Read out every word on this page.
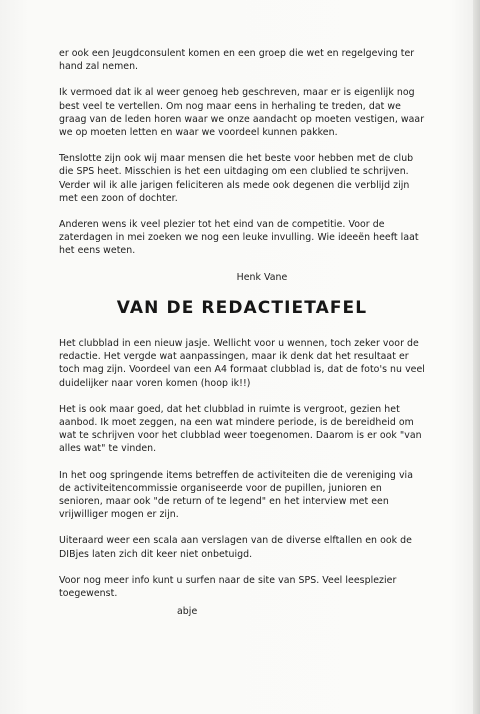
er ook een Jeugdconsulent komen en een groep die wet en regelgeving ter hand zal nemen.

Ik vermoed dat ik al weer genoeg heb geschreven, maar er is eigenlijk nog best veel te vertellen. Om nog maar eens in herhaling te treden, dat we graag van de leden horen waar we onze aandacht op moeten vestigen, waar we op moeten letten en waar we voordeel kunnen pakken.

Tenslotte zijn ook wij maar mensen die het beste voor hebben met de club die SPS heet. Misschien is het een uitdaging om een clublied te schrijven. Verder wil ik alle jarigen feliciteren als mede ook degenen die verblijd zijn met een zoon of dochter.

Anderen wens ik veel plezier tot het eind van de competitie. Voor de zaterdagen in mei zoeken we nog een leuke invulling. Wie ideeën heeft laat het eens weten.

Henk Vane

VAN DE REDACTIETAFEL

Het clubblad in een nieuw jasje. Wellicht voor u wennen, toch zeker voor de redactie. Het vergde wat aanpassingen, maar ik denk dat het resultaat er toch mag zijn. Voordeel van een A4 formaat clubblad is, dat de foto's nu veel duidelijker naar voren komen (hoop ik!!)

Het is ook maar goed, dat het clubblad in ruimte is vergroot, gezien het aanbod. Ik moet zeggen, na een wat mindere periode, is de bereidheid om wat te schrijven voor het clubblad weer toegenomen. Daarom is er ook "van alles wat" te vinden.

In het oog springende items betreffen de activiteiten die de vereniging via de activiteitencommissie organiseerde voor de pupillen, junioren en senioren, maar ook "de return of te legend" en het interview met een vrijwilliger mogen er zijn.

Uiteraard weer een scala aan verslagen van de diverse elftallen en ook de DIBjes laten zich dit keer niet onbetuigd.

Voor nog meer info kunt u surfen naar de site van SPS. Veel leesplezier toegewenst.

abje
